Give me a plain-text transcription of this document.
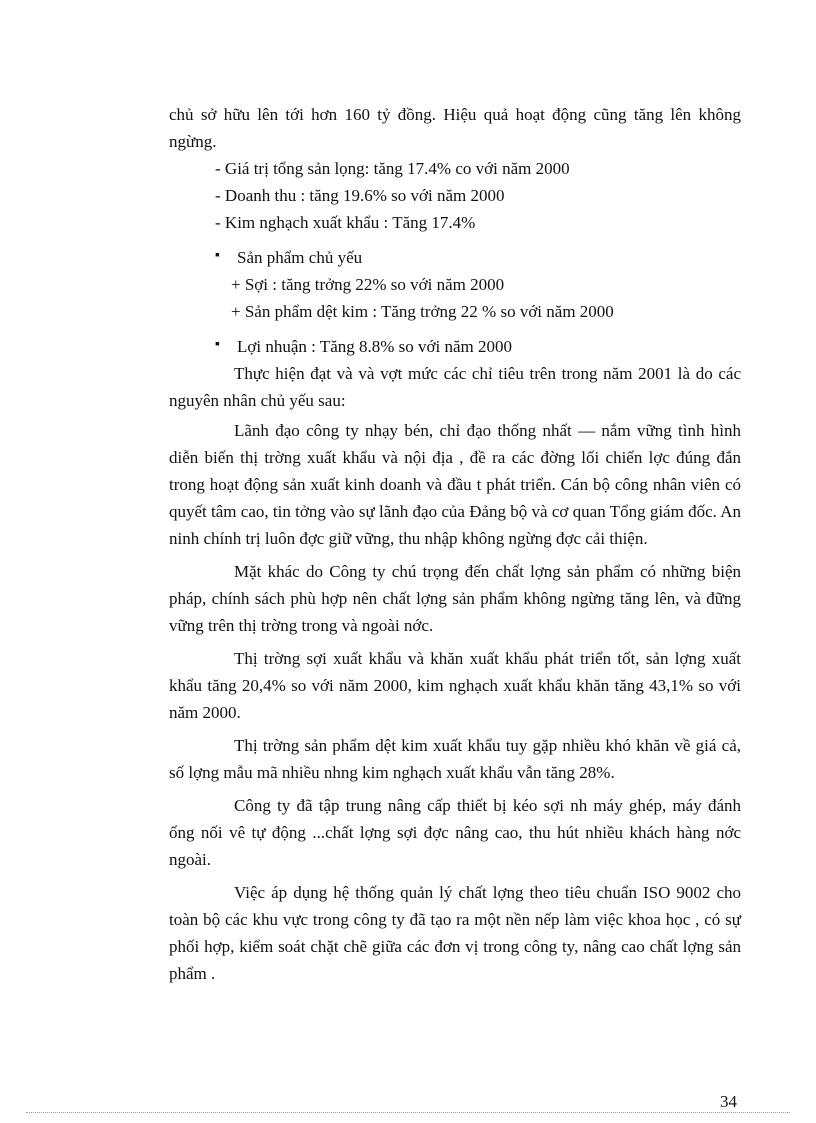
chủ sở hữu lên tới hơn 160 tỷ đồng. Hiệu quả hoạt động cũng tăng lên không ngừng.

- Giá trị tổng sản lọng: tăng 17.4% co với năm 2000

- Doanh thu : tăng 19.6% so với năm 2000

- Kim nghạch xuất khẩu : Tăng 17.4%

▪ Sản phẩm chủ yếu

+ Sợi : tăng trởng 22% so với năm 2000

+ Sản phẩm dệt kim : Tăng trởng 22 % so với năm 2000

▪ Lợi nhuận : Tăng 8.8% so với năm 2000

Thực hiện đạt và và vợt mức các chỉ tiêu trên trong năm 2001 là do các nguyên nhân chủ yếu sau:

Lãnh đạo công ty nhạy bén, chỉ đạo thống nhất — nắm vững tình hình diễn biến thị trờng xuất khẩu và nội địa , đề ra các đờng lối chiến lợc đúng đắn trong hoạt động sản xuất kinh doanh và đầu t phát triển. Cán bộ công nhân viên có quyết tâm cao, tin tởng vào sự lãnh đạo của Đảng bộ và cơ quan Tổng giám đốc. An ninh chính trị luôn đợc giữ vững, thu nhập không ngừng đợc cải thiện.

Mặt khác do Công ty chú trọng đến chất lợng sản phẩm có những biện pháp, chính sách phù hợp nên chất lợng sản phẩm không ngừng tăng lên, và đững vững trên thị trờng trong và ngoài nớc.

Thị trờng sợi xuất khẩu và khăn xuất khẩu phát triển tốt, sản lợng xuất khẩu tăng 20,4% so với năm 2000, kim nghạch xuất khẩu khăn tăng 43,1% so với năm 2000.

Thị trờng sản phẩm dệt kim xuất khẩu tuy gặp nhiều khó khăn về giá cả, số lợng mẫu mã nhiều nhng kim nghạch xuất khẩu vẫn tăng 28%.

Công ty đã tập trung nâng cấp thiết bị kéo sợi nh máy ghép, máy đánh ống nối vê tự động ...chất lợng sợi đợc nâng cao, thu hút nhiều khách hàng nớc ngoài.

Việc áp dụng hệ thống quản lý chất lợng theo tiêu chuẩn ISO 9002 cho toàn bộ các khu vực trong công ty đã tạo ra một nền nếp làm việc khoa học , có sự phối hợp, kiểm soát chặt chẽ giữa các đơn vị trong công ty, nâng cao chất lợng sản phẩm .

34
